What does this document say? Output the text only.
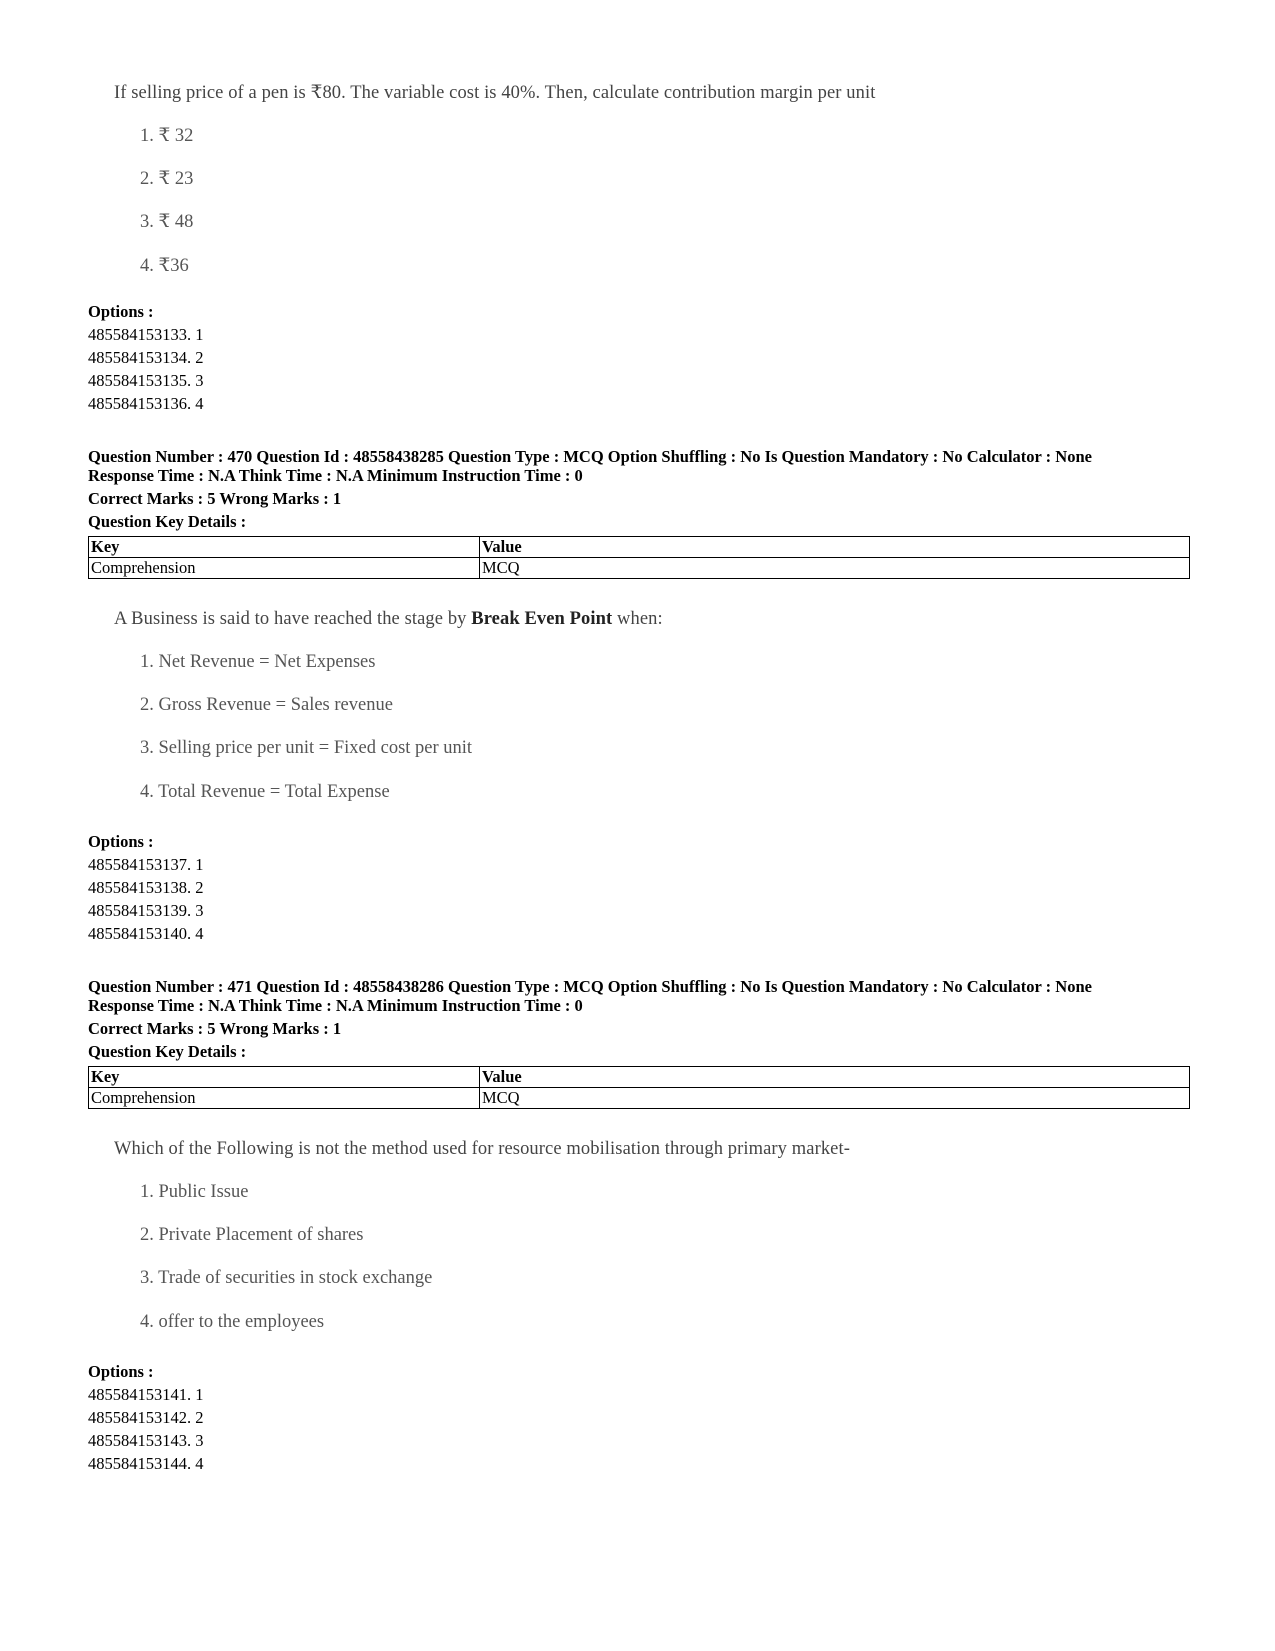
If selling price of a pen is ₹80. The variable cost is 40%. Then, calculate contribution margin per unit
1. ₹ 32
2. ₹ 23
3. ₹ 48
4. ₹36
Options :
485584153133. 1
485584153134. 2
485584153135. 3
485584153136. 4
Question Number : 470 Question Id : 48558438285 Question Type : MCQ Option Shuffling : No Is Question Mandatory : No Calculator : None
Response Time : N.A Think Time : N.A Minimum Instruction Time : 0
Correct Marks : 5 Wrong Marks : 1
Question Key Details :
Key	Value
Comprehension	MCQ
A Business is said to have reached the stage by Break Even Point when:
1. Net Revenue = Net Expenses
2. Gross Revenue = Sales revenue
3. Selling price per unit = Fixed cost per unit
4. Total Revenue = Total Expense
Options :
485584153137. 1
485584153138. 2
485584153139. 3
485584153140. 4
Question Number : 471 Question Id : 48558438286 Question Type : MCQ Option Shuffling : No Is Question Mandatory : No Calculator : None
Response Time : N.A Think Time : N.A Minimum Instruction Time : 0
Correct Marks : 5 Wrong Marks : 1
Question Key Details :
Key	Value
Comprehension	MCQ
Which of the Following is not the method used for resource mobilisation through primary market-
1. Public Issue
2. Private Placement of shares
3. Trade of securities in stock exchange
4. offer to the employees
Options :
485584153141. 1
485584153142. 2
485584153143. 3
485584153144. 4
